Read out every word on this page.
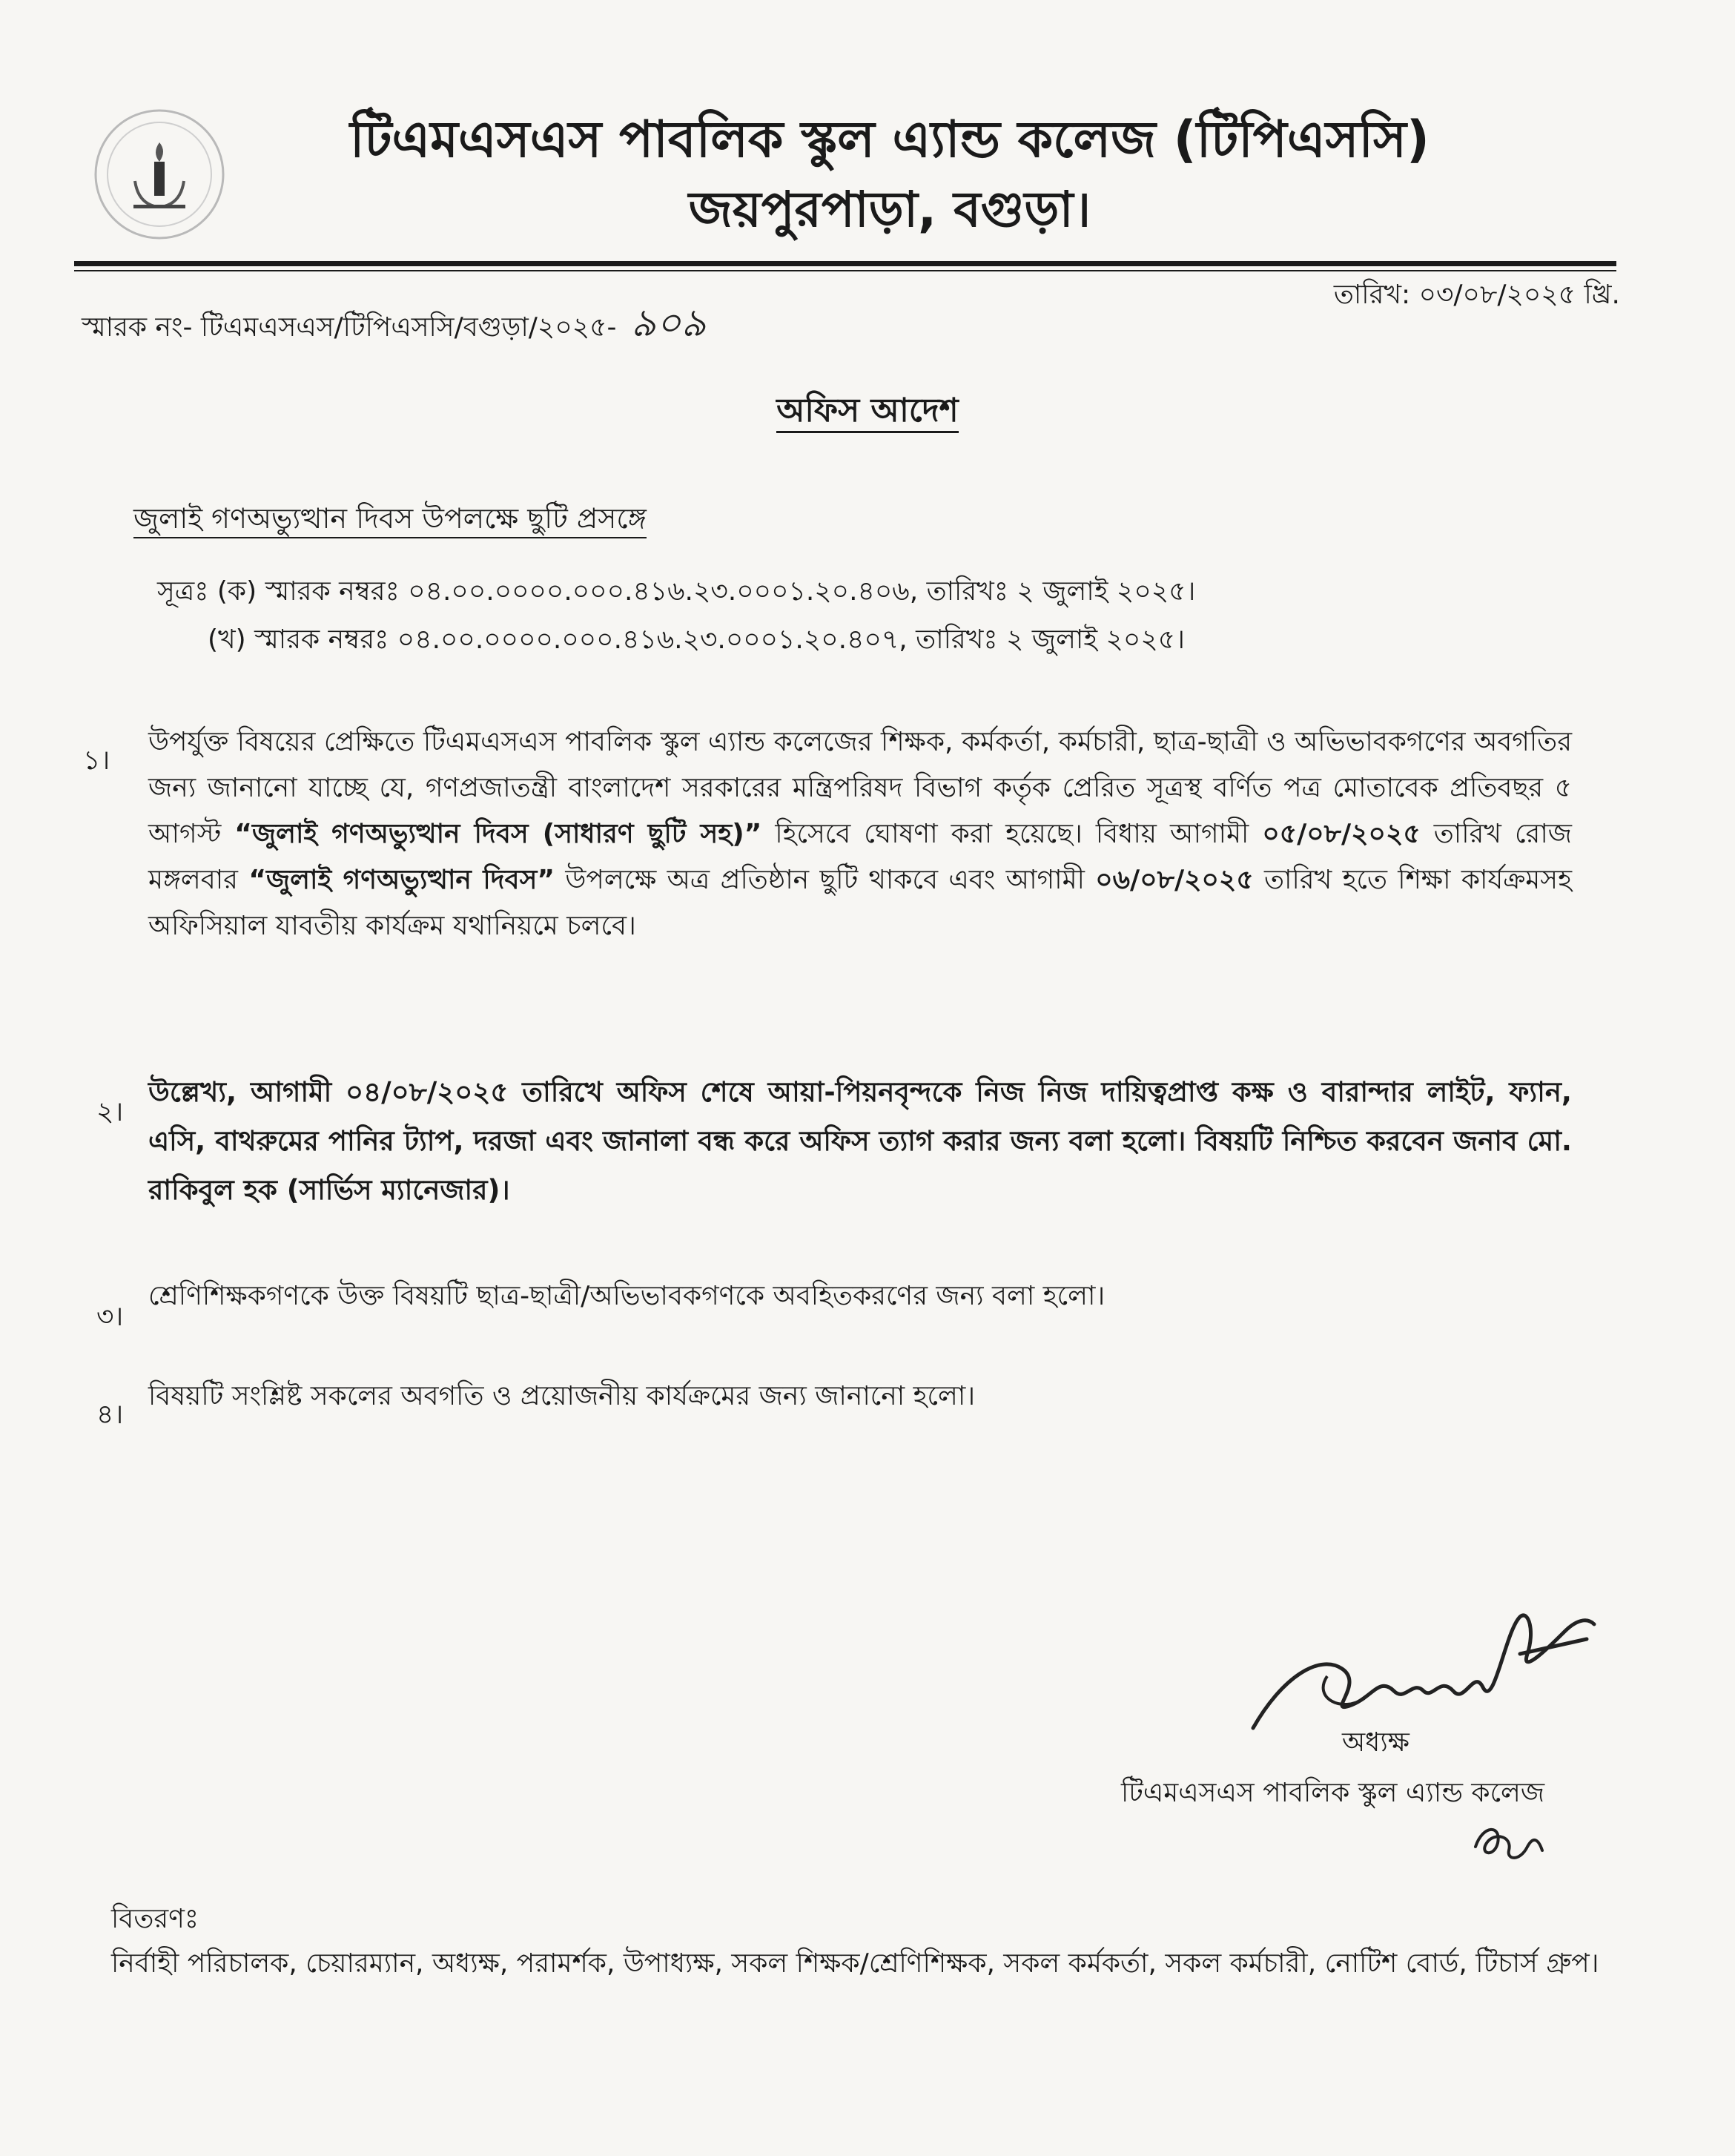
টিএমএসএস পাবলিক স্কুল এ্যান্ড কলেজ (টিপিএসসি)
জয়পুরপাড়া, বগুড়া।
স্মারক নং- টিএমএসএস/টিপিএসসি/বগুড়া/২০২৫- ৯০৯
তারিখ: ০৩/০৮/২০২৫ খ্রি.
অফিস আদেশ
জুলাই গণঅভ্যুত্থান দিবস উপলক্ষে ছুটি প্রসঙ্গে
সূত্রঃ (ক) স্মারক নম্বরঃ ০৪.০০.০০০০.০০০.৪১৬.২৩.০০০১.২০.৪০৬, তারিখঃ ২ জুলাই ২০২৫।
(খ) স্মারক নম্বরঃ ০৪.০০.০০০০.০০০.৪১৬.২৩.০০০১.২০.৪০৭, তারিখঃ ২ জুলাই ২০২৫।
১।
উপর্যুক্ত বিষয়ের প্রেক্ষিতে টিএমএসএস পাবলিক স্কুল এ্যান্ড কলেজের শিক্ষক, কর্মকর্তা, কর্মচারী, ছাত্র-ছাত্রী ও অভিভাবকগণের অবগতির জন্য জানানো যাচ্ছে যে, গণপ্রজাতন্ত্রী বাংলাদেশ সরকারের মন্ত্রিপরিষদ বিভাগ কর্তৃক প্রেরিত সূত্রস্থ বর্ণিত পত্র মোতাবেক প্রতিবছর ৫ আগস্ট “জুলাই গণঅভ্যুত্থান দিবস (সাধারণ ছুটি সহ)” হিসেবে ঘোষণা করা হয়েছে। বিধায় আগামী ০৫/০৮/২০২৫ তারিখ রোজ মঙ্গলবার “জুলাই গণঅভ্যুত্থান দিবস” উপলক্ষে অত্র প্রতিষ্ঠান ছুটি থাকবে এবং আগামী ০৬/০৮/২০২৫ তারিখ হতে শিক্ষা কার্যক্রমসহ অফিসিয়াল যাবতীয় কার্যক্রম যথানিয়মে চলবে।
২।
উল্লেখ্য, আগামী ০৪/০৮/২০২৫ তারিখে অফিস শেষে আয়া-পিয়নবৃন্দকে নিজ নিজ দায়িত্বপ্রাপ্ত কক্ষ ও বারান্দার লাইট, ফ্যান, এসি, বাথরুমের পানির ট্যাপ, দরজা এবং জানালা বন্ধ করে অফিস ত্যাগ করার জন্য বলা হলো। বিষয়টি নিশ্চিত করবেন জনাব মো. রাকিবুল হক (সার্ভিস ম্যানেজার)।
৩।
শ্রেণিশিক্ষকগণকে উক্ত বিষয়টি ছাত্র-ছাত্রী/অভিভাবকগণকে অবহিতকরণের জন্য বলা হলো।
৪।
বিষয়টি সংশ্লিষ্ট সকলের অবগতি ও প্রয়োজনীয় কার্যক্রমের জন্য জানানো হলো।
অধ্যক্ষ
টিএমএসএস পাবলিক স্কুল এ্যান্ড কলেজ
বিতরণঃ
নির্বাহী পরিচালক, চেয়ারম্যান, অধ্যক্ষ, পরামর্শক, উপাধ্যক্ষ, সকল শিক্ষক/শ্রেণিশিক্ষক, সকল কর্মকর্তা, সকল কর্মচারী, নোটিশ বোর্ড, টিচার্স গ্রুপ।
